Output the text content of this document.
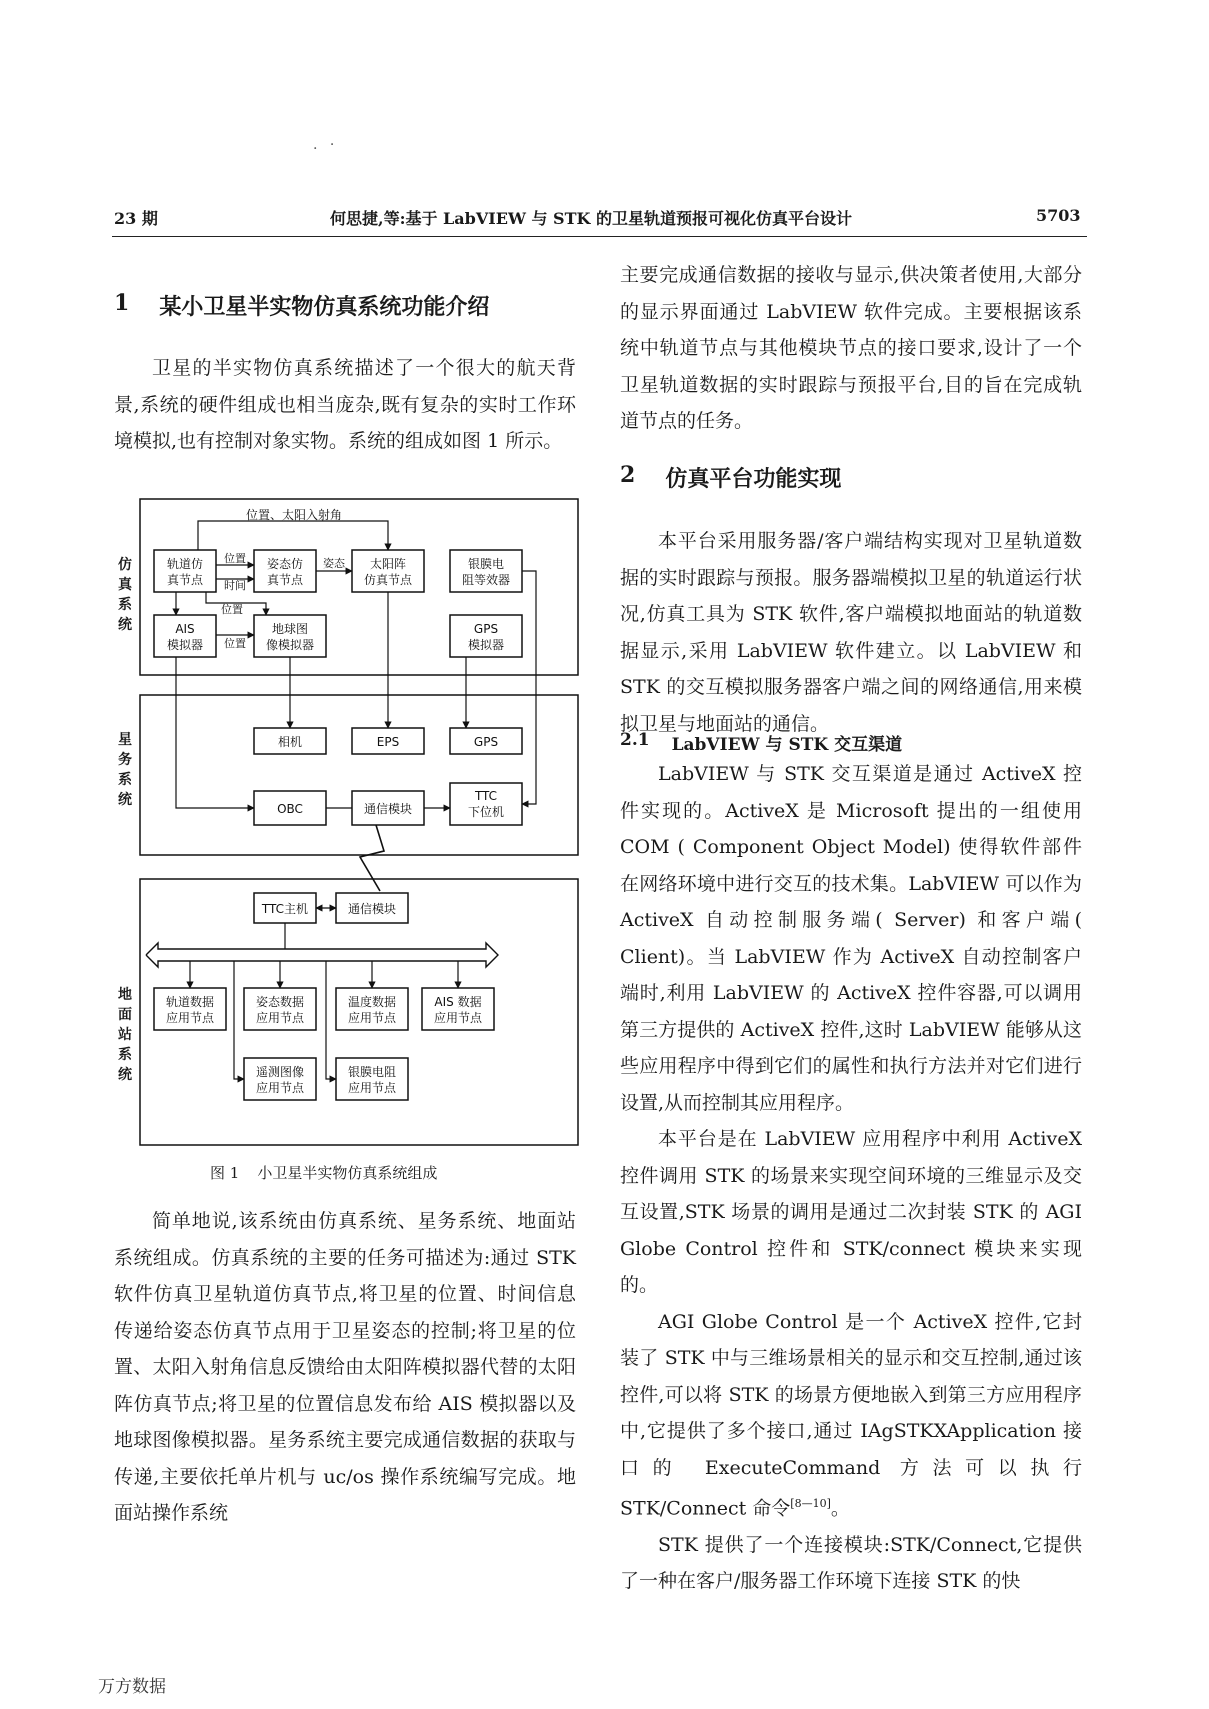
. ·
23 期	何思捷,等:基于 LabVIEW 与 STK 的卫星轨道预报可视化仿真平台设计	5703
1 某小卫星半实物仿真系统功能介绍

卫星的半实物仿真系统描述了一个很大的航天背景,系统的硬件组成也相当庞杂,既有复杂的实时工作环境模拟,也有控制对象实物。系统的组成如图 1 所示。

位置、太阳入射角
位置
时间
姿态
位置
位置
轨道仿
真节点
姿态仿
真节点
太阳阵
仿真节点
银膜电
阻等效器
AIS
模拟器
地球图
像模拟器
GPS
模拟器
相机	EPS	GPS
OBC	通信模块
TTC
下位机
TTC主机	通信模块
轨道数据
应用节点
姿态数据
应用节点
温度数据
应用节点
AIS 数据
应用节点
遥测图像
应用节点
银膜电阻
应用节点
仿真系统
星务系统
地面站系统
图 1 小卫星半实物仿真系统组成

简单地说,该系统由仿真系统、星务系统、地面站系统组成。仿真系统的主要的任务可描述为:通过 STK 软件仿真卫星轨道仿真节点,将卫星的位置、时间信息传递给姿态仿真节点用于卫星姿态的控制;将卫星的位置、太阳入射角信息反馈给由太阳阵模拟器代替的太阳阵仿真节点;将卫星的位置信息发布给 AIS 模拟器以及地球图像模拟器。星务系统主要完成通信数据的获取与传递,主要依托单片机与 uc/os 操作系统编写完成。地面站操作系统

主要完成通信数据的接收与显示,供决策者使用,大部分的显示界面通过 LabVIEW 软件完成。主要根据该系统中轨道节点与其他模块节点的接口要求,设计了一个卫星轨道数据的实时跟踪与预报平台,目的旨在完成轨道节点的任务。

2 仿真平台功能实现

本平台采用服务器/客户端结构实现对卫星轨道数据的实时跟踪与预报。服务器端模拟卫星的轨道运行状况,仿真工具为 STK 软件,客户端模拟地面站的轨道数据显示,采用 LabVIEW 软件建立。以 LabVIEW 和 STK 的交互模拟服务器客户端之间的网络通信,用来模拟卫星与地面站的通信。

2.1 LabVIEW 与 STK 交互渠道

LabVIEW 与 STK 交互渠道是通过 ActiveX 控件实现的。ActiveX 是 Microsoft 提出的一组使用 COM ( Component Object Model) 使得软件部件在网络环境中进行交互的技术集。LabVIEW 可以作为 ActiveX 自动控制服务端( Server) 和客户端( Client)。当 LabVIEW 作为 ActiveX 自动控制客户端时,利用 LabVIEW 的 ActiveX 控件容器,可以调用第三方提供的 ActiveX 控件,这时 LabVIEW 能够从这些应用程序中得到它们的属性和执行方法并对它们进行设置,从而控制其应用程序。

本平台是在 LabVIEW 应用程序中利用 ActiveX 控件调用 STK 的场景来实现空间环境的三维显示及交互设置,STK 场景的调用是通过二次封装 STK 的 AGI Globe Control 控件和 STK/connect 模块来实现的。

AGI Globe Control 是一个 ActiveX 控件,它封装了 STK 中与三维场景相关的显示和交互控制,通过该控件,可以将 STK 的场景方便地嵌入到第三方应用程序中,它提供了多个接口,通过 IAgSTKXApplication 接口的 ExecuteCommand 方法可以执行 STK/Connect 命令[8—10]。

STK 提供了一个连接模块:STK/Connect,它提供了一种在客户/服务器工作环境下连接 STK 的快

万方数据
